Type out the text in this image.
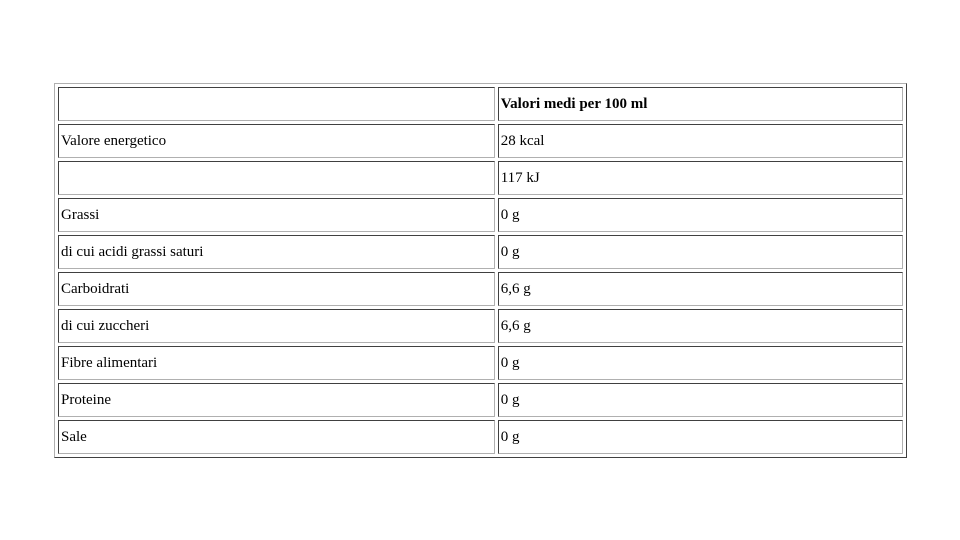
	Valori medi per 100 ml
Valore energetico	28 kcal
	117 kJ
Grassi	0 g
di cui acidi grassi saturi	0 g
Carboidrati	6,6 g
di cui zuccheri	6,6 g
Fibre alimentari	0 g
Proteine	0 g
Sale	0 g
